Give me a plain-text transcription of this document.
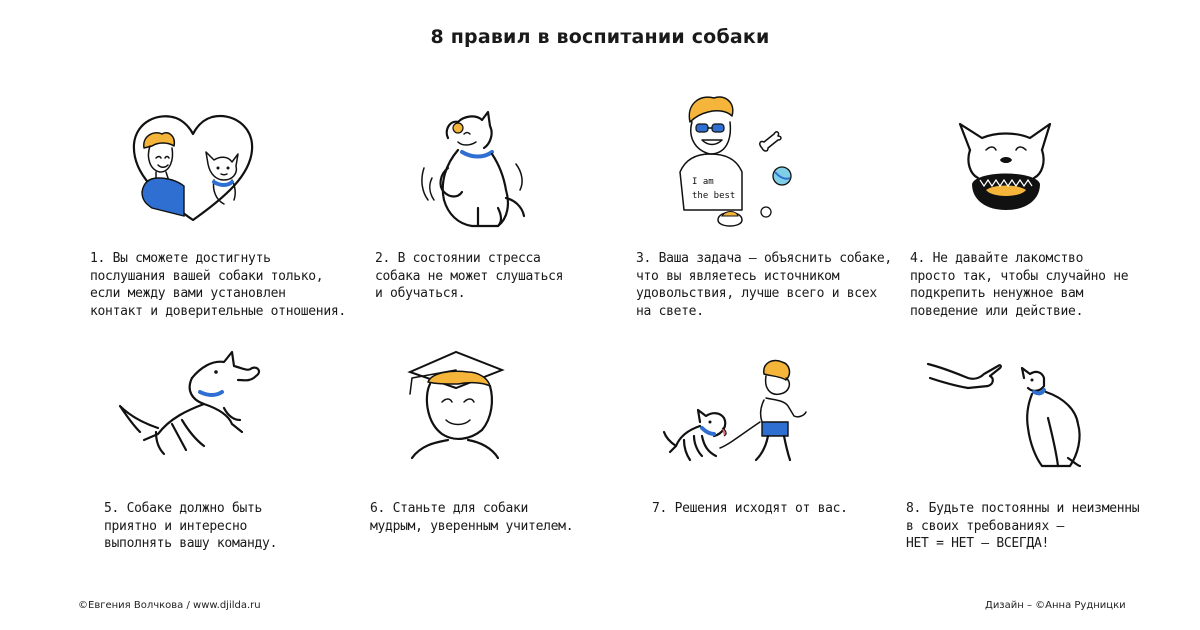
8 правил в воспитании собаки
I am
the best
1. Вы сможете достигнуть
послушания вашей собаки только,
если между вами установлен
контакт и доверительные отношения.
2. В состоянии стресса
собака не может слушаться
и обучаться.
3. Ваша задача – объяснить собаке,
что вы являетесь источником
удовольствия, лучше всего и всех
на свете.
4. Не давайте лакомство
просто так, чтобы случайно не
подкрепить ненужное вам
поведение или действие.
5. Собаке должно быть
приятно и интересно
выполнять вашу команду.
6. Станьте для собаки
мудрым, уверенным учителем.
7. Решения исходят от вас.	8. Будьте постоянны и неизменны
в своих требованиях –
НЕТ = НЕТ – ВСЕГДА!
©Евгения Волчкова / www.djilda.ru	Дизайн – ©Анна Рудницки
